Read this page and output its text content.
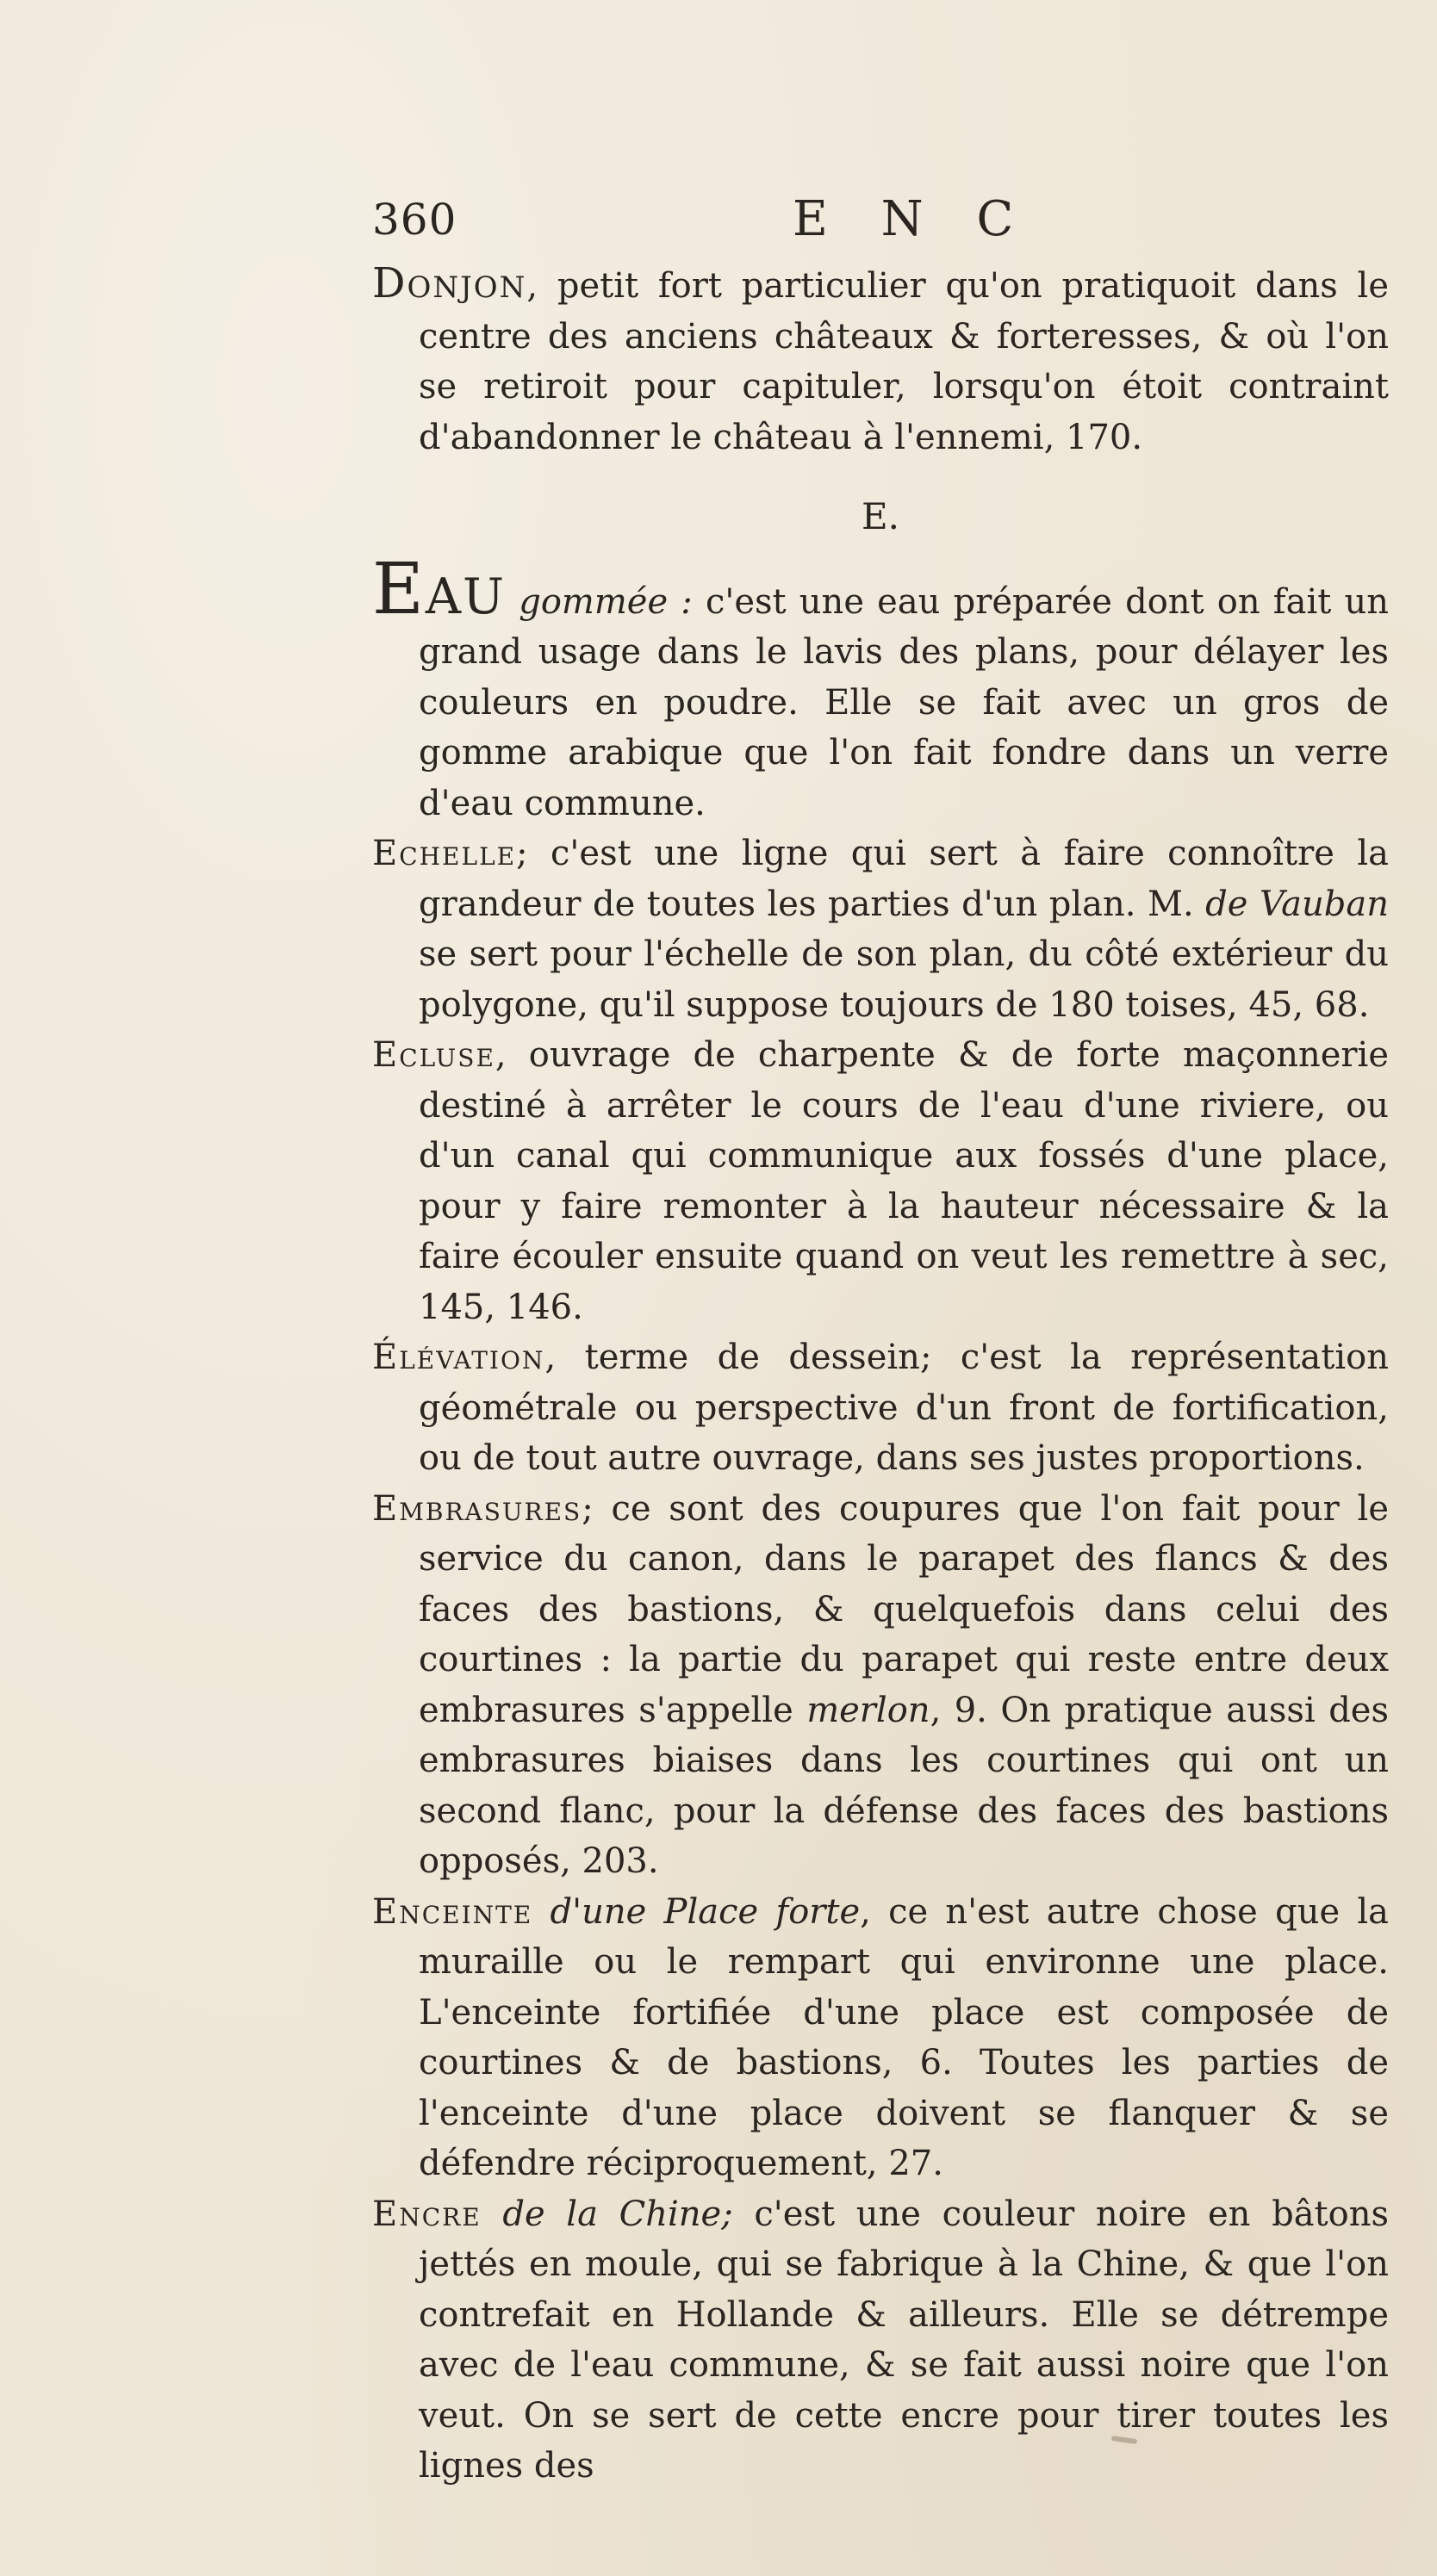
360	E N C

Donjon, petit fort particulier qu'on pratiquoit dans le centre des anciens châteaux & forteresses, & où l'on se retiroit pour capituler, lorsqu'on étoit contraint d'abandonner le château à l'ennemi, 170.

E.

Eau gommée : c'est une eau préparée dont on fait un grand usage dans le lavis des plans, pour délayer les couleurs en poudre. Elle se fait avec un gros de gomme arabique que l'on fait fondre dans un verre d'eau commune.

Echelle; c'est une ligne qui sert à faire connoître la grandeur de toutes les parties d'un plan. M. de Vauban se sert pour l'échelle de son plan, du côté extérieur du polygone, qu'il suppose toujours de 180 toises, 45, 68.

Ecluse, ouvrage de charpente & de forte maçonnerie destiné à arrêter le cours de l'eau d'une riviere, ou d'un canal qui communique aux fossés d'une place, pour y faire remonter à la hauteur nécessaire & la faire écouler ensuite quand on veut les remettre à sec, 145, 146.

Élévation, terme de dessein; c'est la représentation géométrale ou perspective d'un front de fortification, ou de tout autre ouvrage, dans ses justes proportions.

Embrasures; ce sont des coupures que l'on fait pour le service du canon, dans le parapet des flancs & des faces des bastions, & quelquefois dans celui des courtines : la partie du parapet qui reste entre deux embrasures s'appelle merlon, 9. On pratique aussi des embrasures biaises dans les courtines qui ont un second flanc, pour la défense des faces des bastions opposés, 203.

Enceinte d'une Place forte, ce n'est autre chose que la muraille ou le rempart qui environne une place. L'enceinte fortifiée d'une place est composée de courtines & de bastions, 6. Toutes les parties de l'enceinte d'une place doivent se flanquer & se défendre réciproquement, 27.

Encre de la Chine; c'est une couleur noire en bâtons jettés en moule, qui se fabrique à la Chine, & que l'on contrefait en Hollande & ailleurs. Elle se détrempe avec de l'eau commune, & se fait aussi noire que l'on veut. On se sert de cette encre pour tirer toutes les lignes des
